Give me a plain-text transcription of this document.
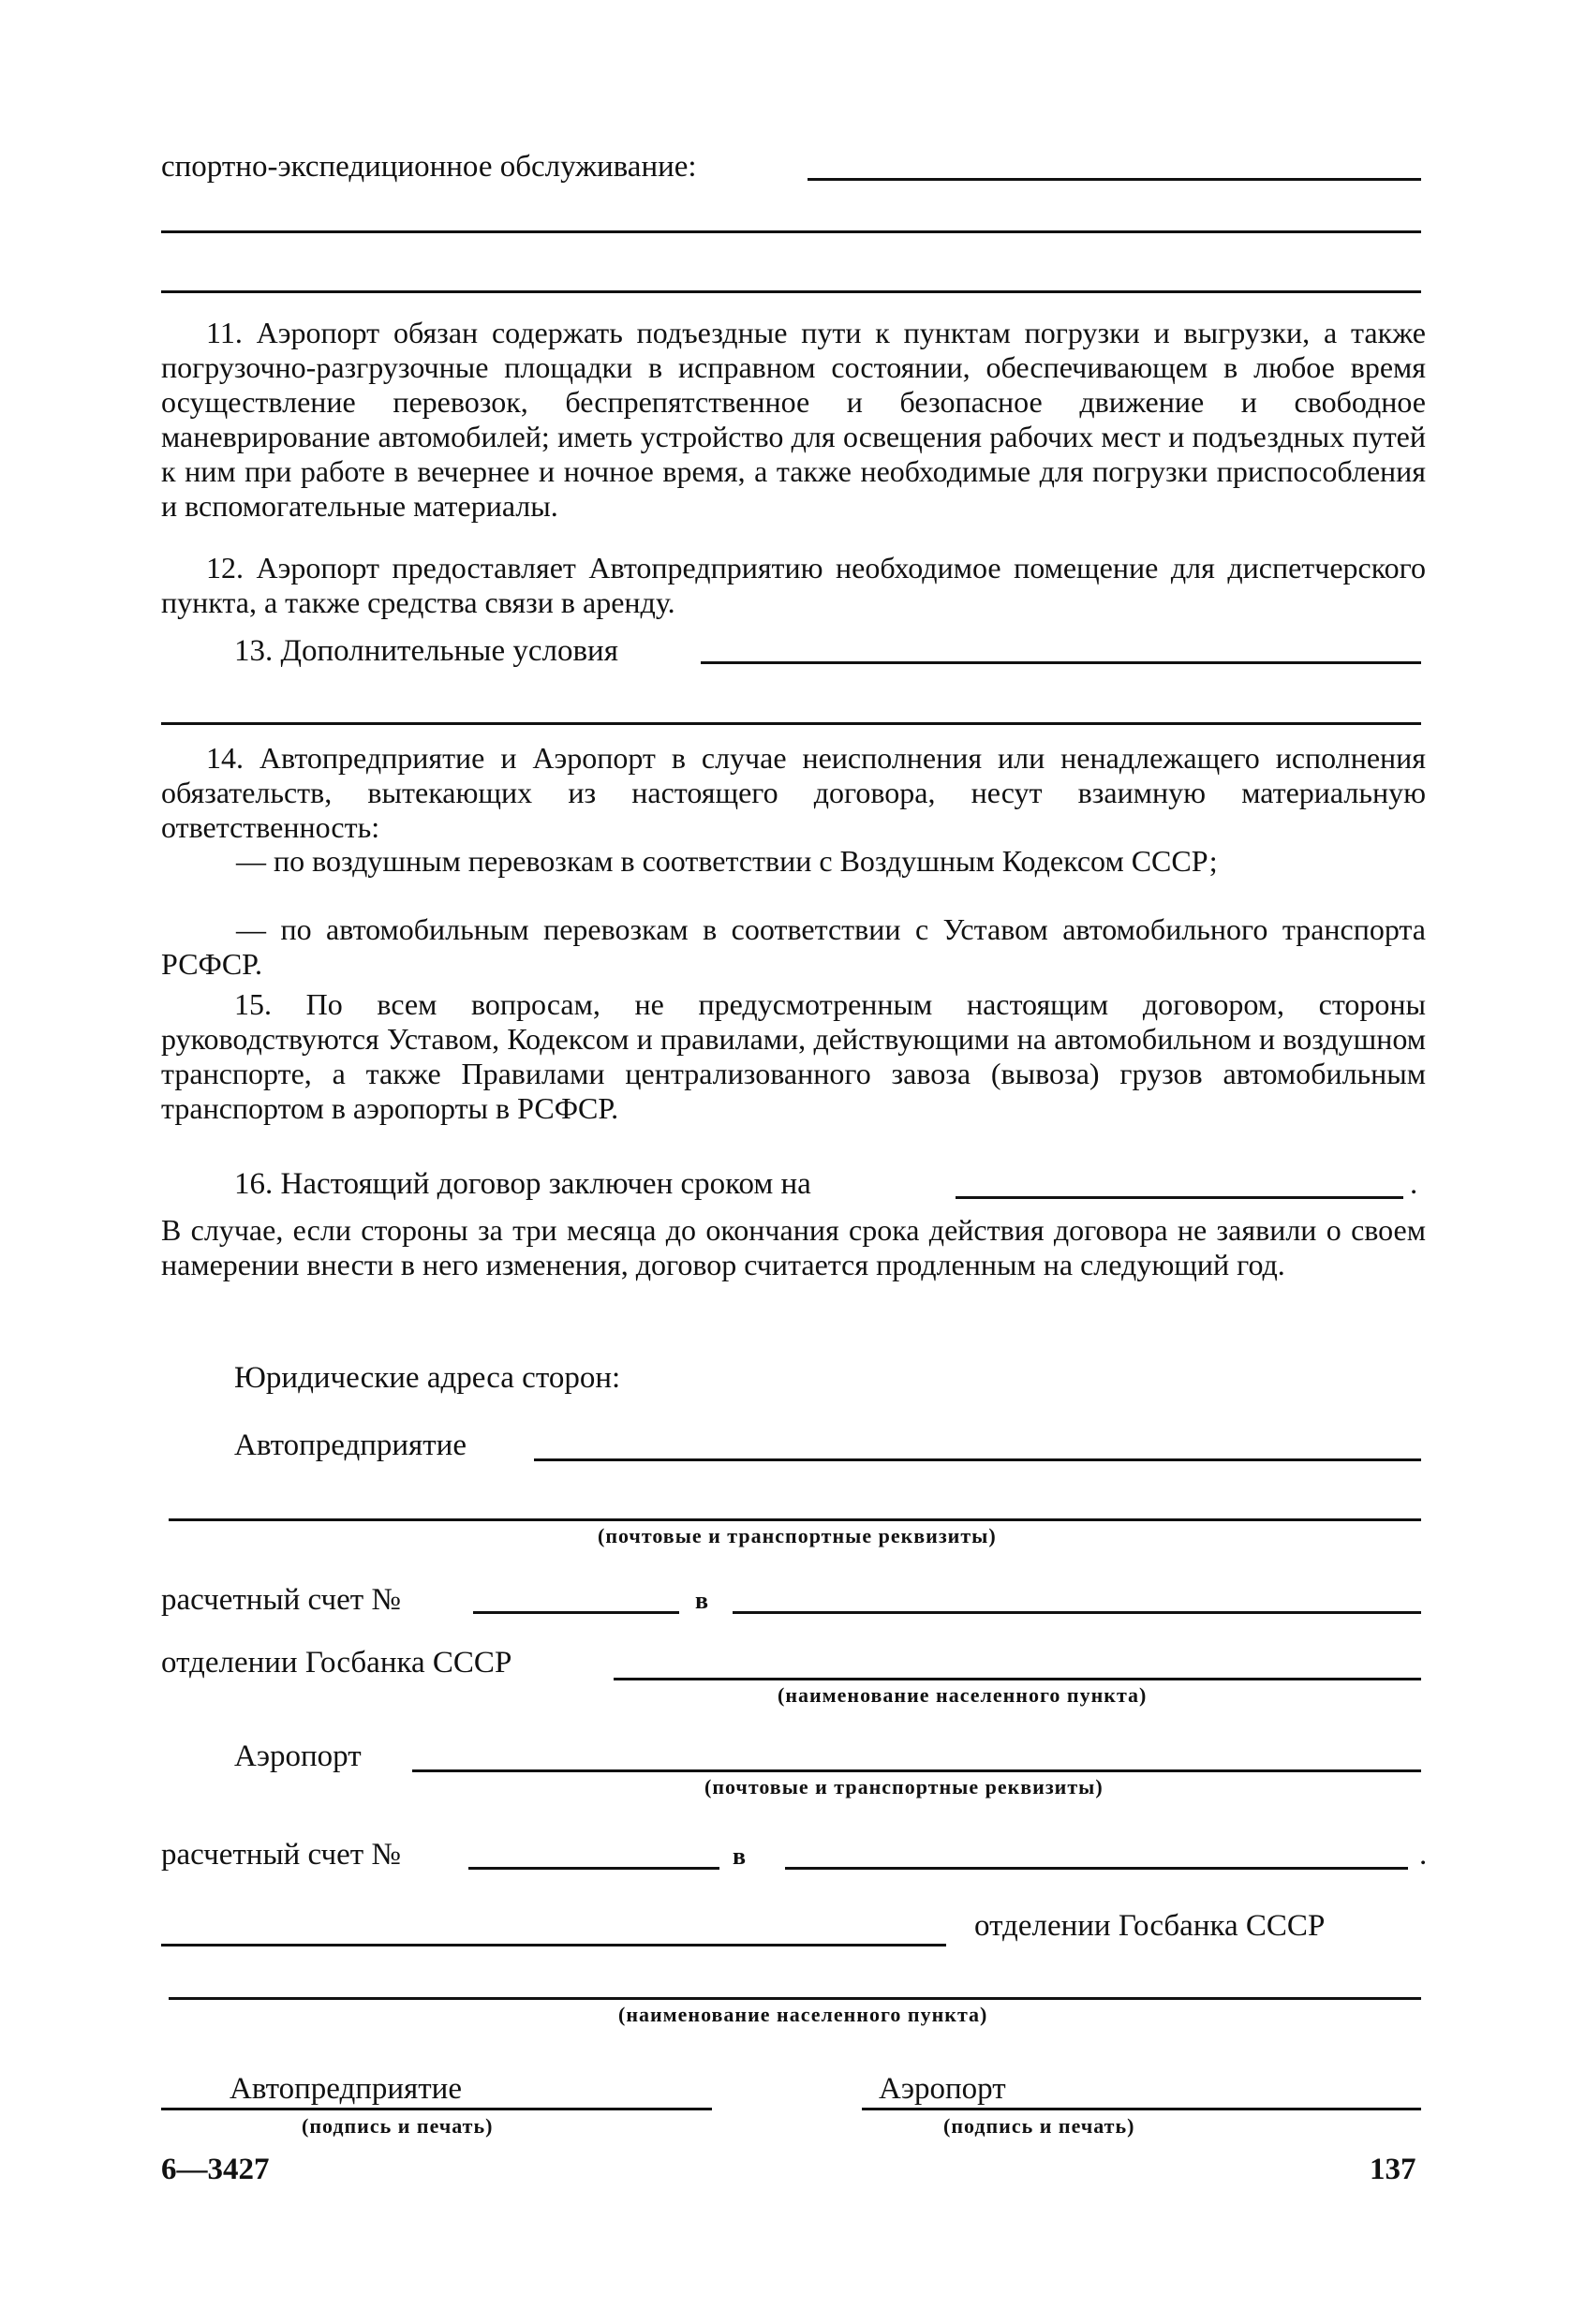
спортно-экспедиционное обслуживание:
11. Аэропорт обязан содержать подъездные пути к пунктам погрузки и выгрузки, а также погрузочно-разгрузочные площадки в исправном состоянии, обеспечивающем в любое время осуществление перевозок, беспрепятственное и безопасное движение и свободное маневрирование автомобилей; иметь устройство для освещения рабочих мест и подъездных путей к ним при работе в вечернее и ночное время, а также необходимые для погрузки приспособления и вспомогательные материалы.
12. Аэропорт предоставляет Автопредприятию необходимое помещение для диспетчерского пункта, а также средства связи в аренду.
13. Дополнительные условия
14. Автопредприятие и Аэропорт в случае неисполнения или ненадлежащего исполнения обязательств, вытекающих из настоящего договора, несут взаимную материальную ответственность:
— по воздушным перевозкам в соответствии с Воздушным Кодексом СССР;
— по автомобильным перевозкам в соответствии с Уставом автомобильного транспорта РСФСР.
15. По всем вопросам, не предусмотренным настоящим договором, стороны руководствуются Уставом, Кодексом и правилами, действующими на автомобильном и воздушном транспорте, а также Правилами централизованного завоза (вывоза) грузов автомобильным транспортом в аэропорты в РСФСР.
16. Настоящий договор заключен сроком на	.
В случае, если стороны за три месяца до окончания срока действия договора не заявили о своем намерении внести в него изменения, договор считается продленным на следующий год.
Юридические адреса сторон:
Автопредприятие
(почтовые и транспортные реквизиты)
расчетный счет №	в
отделении Госбанка СССР
(наименование населенного пункта)
Аэропорт
(почтовые и транспортные реквизиты)
расчетный счет №	в	.
отделении Госбанка СССР
(наименование населенного пункта)
Автопредприятие
(подпись и печать)
Аэропорт
(подпись и печать)
6—3427	137
